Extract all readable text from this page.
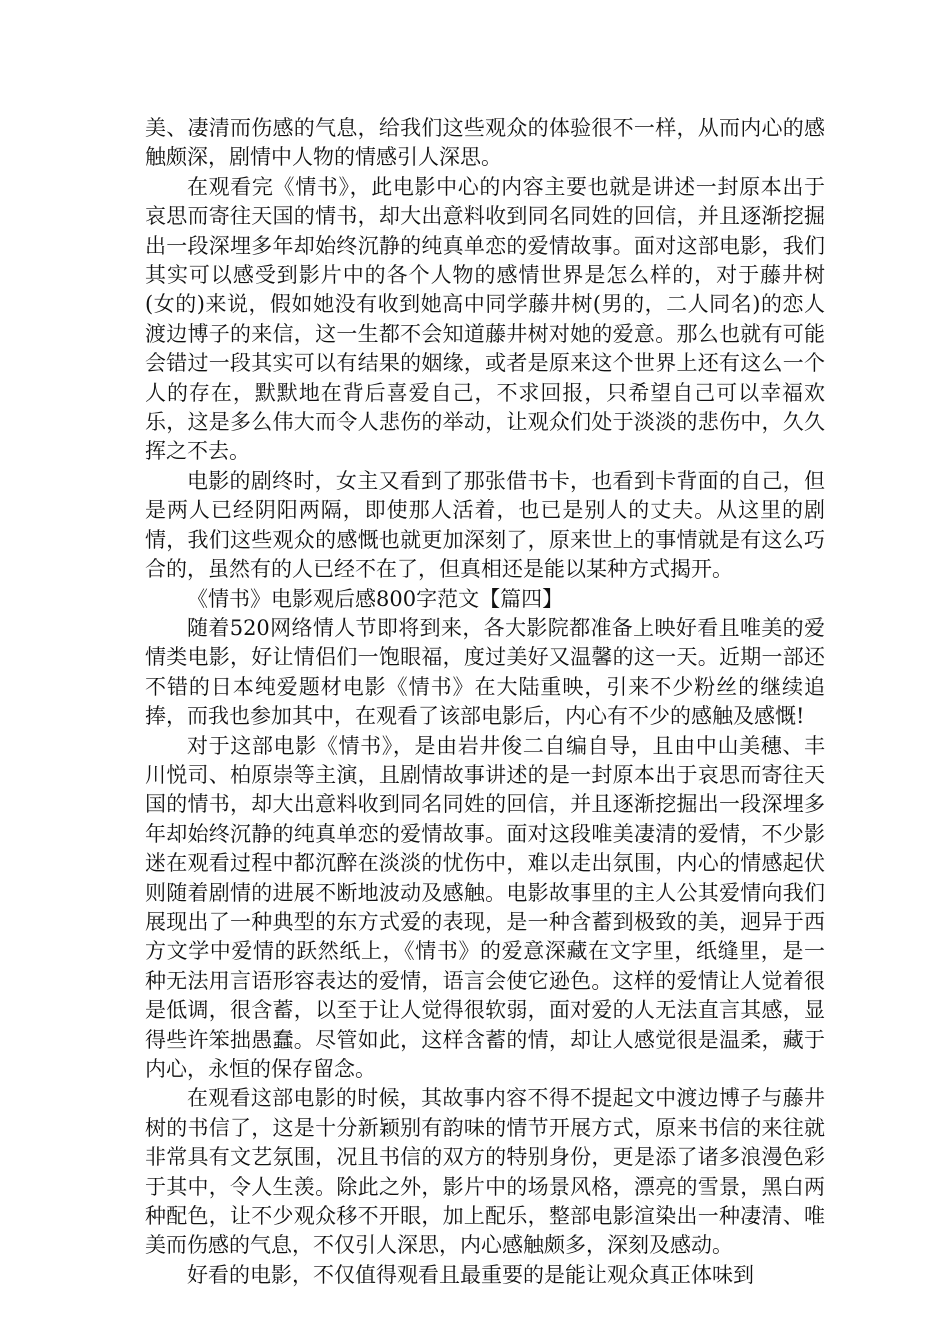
美、凄清而伤感的气息，给我们这些观众的体验很不一样，从而内心的感触颇深，剧情中人物的情感引人深思。

在观看完《情书》，此电影中心的内容主要也就是讲述一封原本出于哀思而寄往天国的情书，却大出意料收到同名同姓的回信，并且逐渐挖掘出一段深埋多年却始终沉静的纯真单恋的爱情故事。面对这部电影，我们其实可以感受到影片中的各个人物的感情世界是怎么样的，对于藤井树(女的)来说，假如她没有收到她高中同学藤井树(男的，二人同名)的恋人渡边博子的来信，这一生都不会知道藤井树对她的爱意。那么也就有可能会错过一段其实可以有结果的姻缘，或者是原来这个世界上还有这么一个人的存在，默默地在背后喜爱自己，不求回报，只希望自己可以幸福欢乐，这是多么伟大而令人悲伤的举动，让观众们处于淡淡的悲伤中，久久挥之不去。

电影的剧终时，女主又看到了那张借书卡，也看到卡背面的自己，但是两人已经阴阳两隔，即使那人活着，也已是别人的丈夫。从这里的剧情，我们这些观众的感慨也就更加深刻了，原来世上的事情就是有这么巧合的，虽然有的人已经不在了，但真相还是能以某种方式揭开。

《情书》电影观后感800字范文【篇四】

随着520网络情人节即将到来，各大影院都准备上映好看且唯美的爱情类电影，好让情侣们一饱眼福，度过美好又温馨的这一天。近期一部还不错的日本纯爱题材电影《情书》在大陆重映，引来不少粉丝的继续追捧，而我也参加其中，在观看了该部电影后，内心有不少的感触及感慨!

对于这部电影《情书》，是由岩井俊二自编自导，且由中山美穗、丰川悦司、柏原崇等主演，且剧情故事讲述的是一封原本出于哀思而寄往天国的情书，却大出意料收到同名同姓的回信，并且逐渐挖掘出一段深埋多年却始终沉静的纯真单恋的爱情故事。面对这段唯美凄清的爱情，不少影迷在观看过程中都沉醉在淡淡的忧伤中，难以走出氛围，内心的情感起伏则随着剧情的进展不断地波动及感触。电影故事里的主人公其爱情向我们展现出了一种典型的东方式爱的表现，是一种含蓄到极致的美，迥异于西方文学中爱情的跃然纸上，《情书》的爱意深藏在文字里，纸缝里，是一种无法用言语形容表达的爱情，语言会使它逊色。这样的爱情让人觉着很是低调，很含蓄，以至于让人觉得很软弱，面对爱的人无法直言其感，显得些许笨拙愚蠢。尽管如此，这样含蓄的情，却让人感觉很是温柔，藏于内心，永恒的保存留念。

在观看这部电影的时候，其故事内容不得不提起文中渡边博子与藤井树的书信了，这是十分新颖别有韵味的情节开展方式，原来书信的来往就非常具有文艺氛围，况且书信的双方的特别身份，更是添了诸多浪漫色彩于其中，令人生羡。除此之外，影片中的场景风格，漂亮的雪景，黑白两种配色，让不少观众移不开眼，加上配乐，整部电影渲染出一种凄清、唯美而伤感的气息，不仅引人深思，内心感触颇多，深刻及感动。

好看的电影，不仅值得观看且最重要的是能让观众真正体味到
